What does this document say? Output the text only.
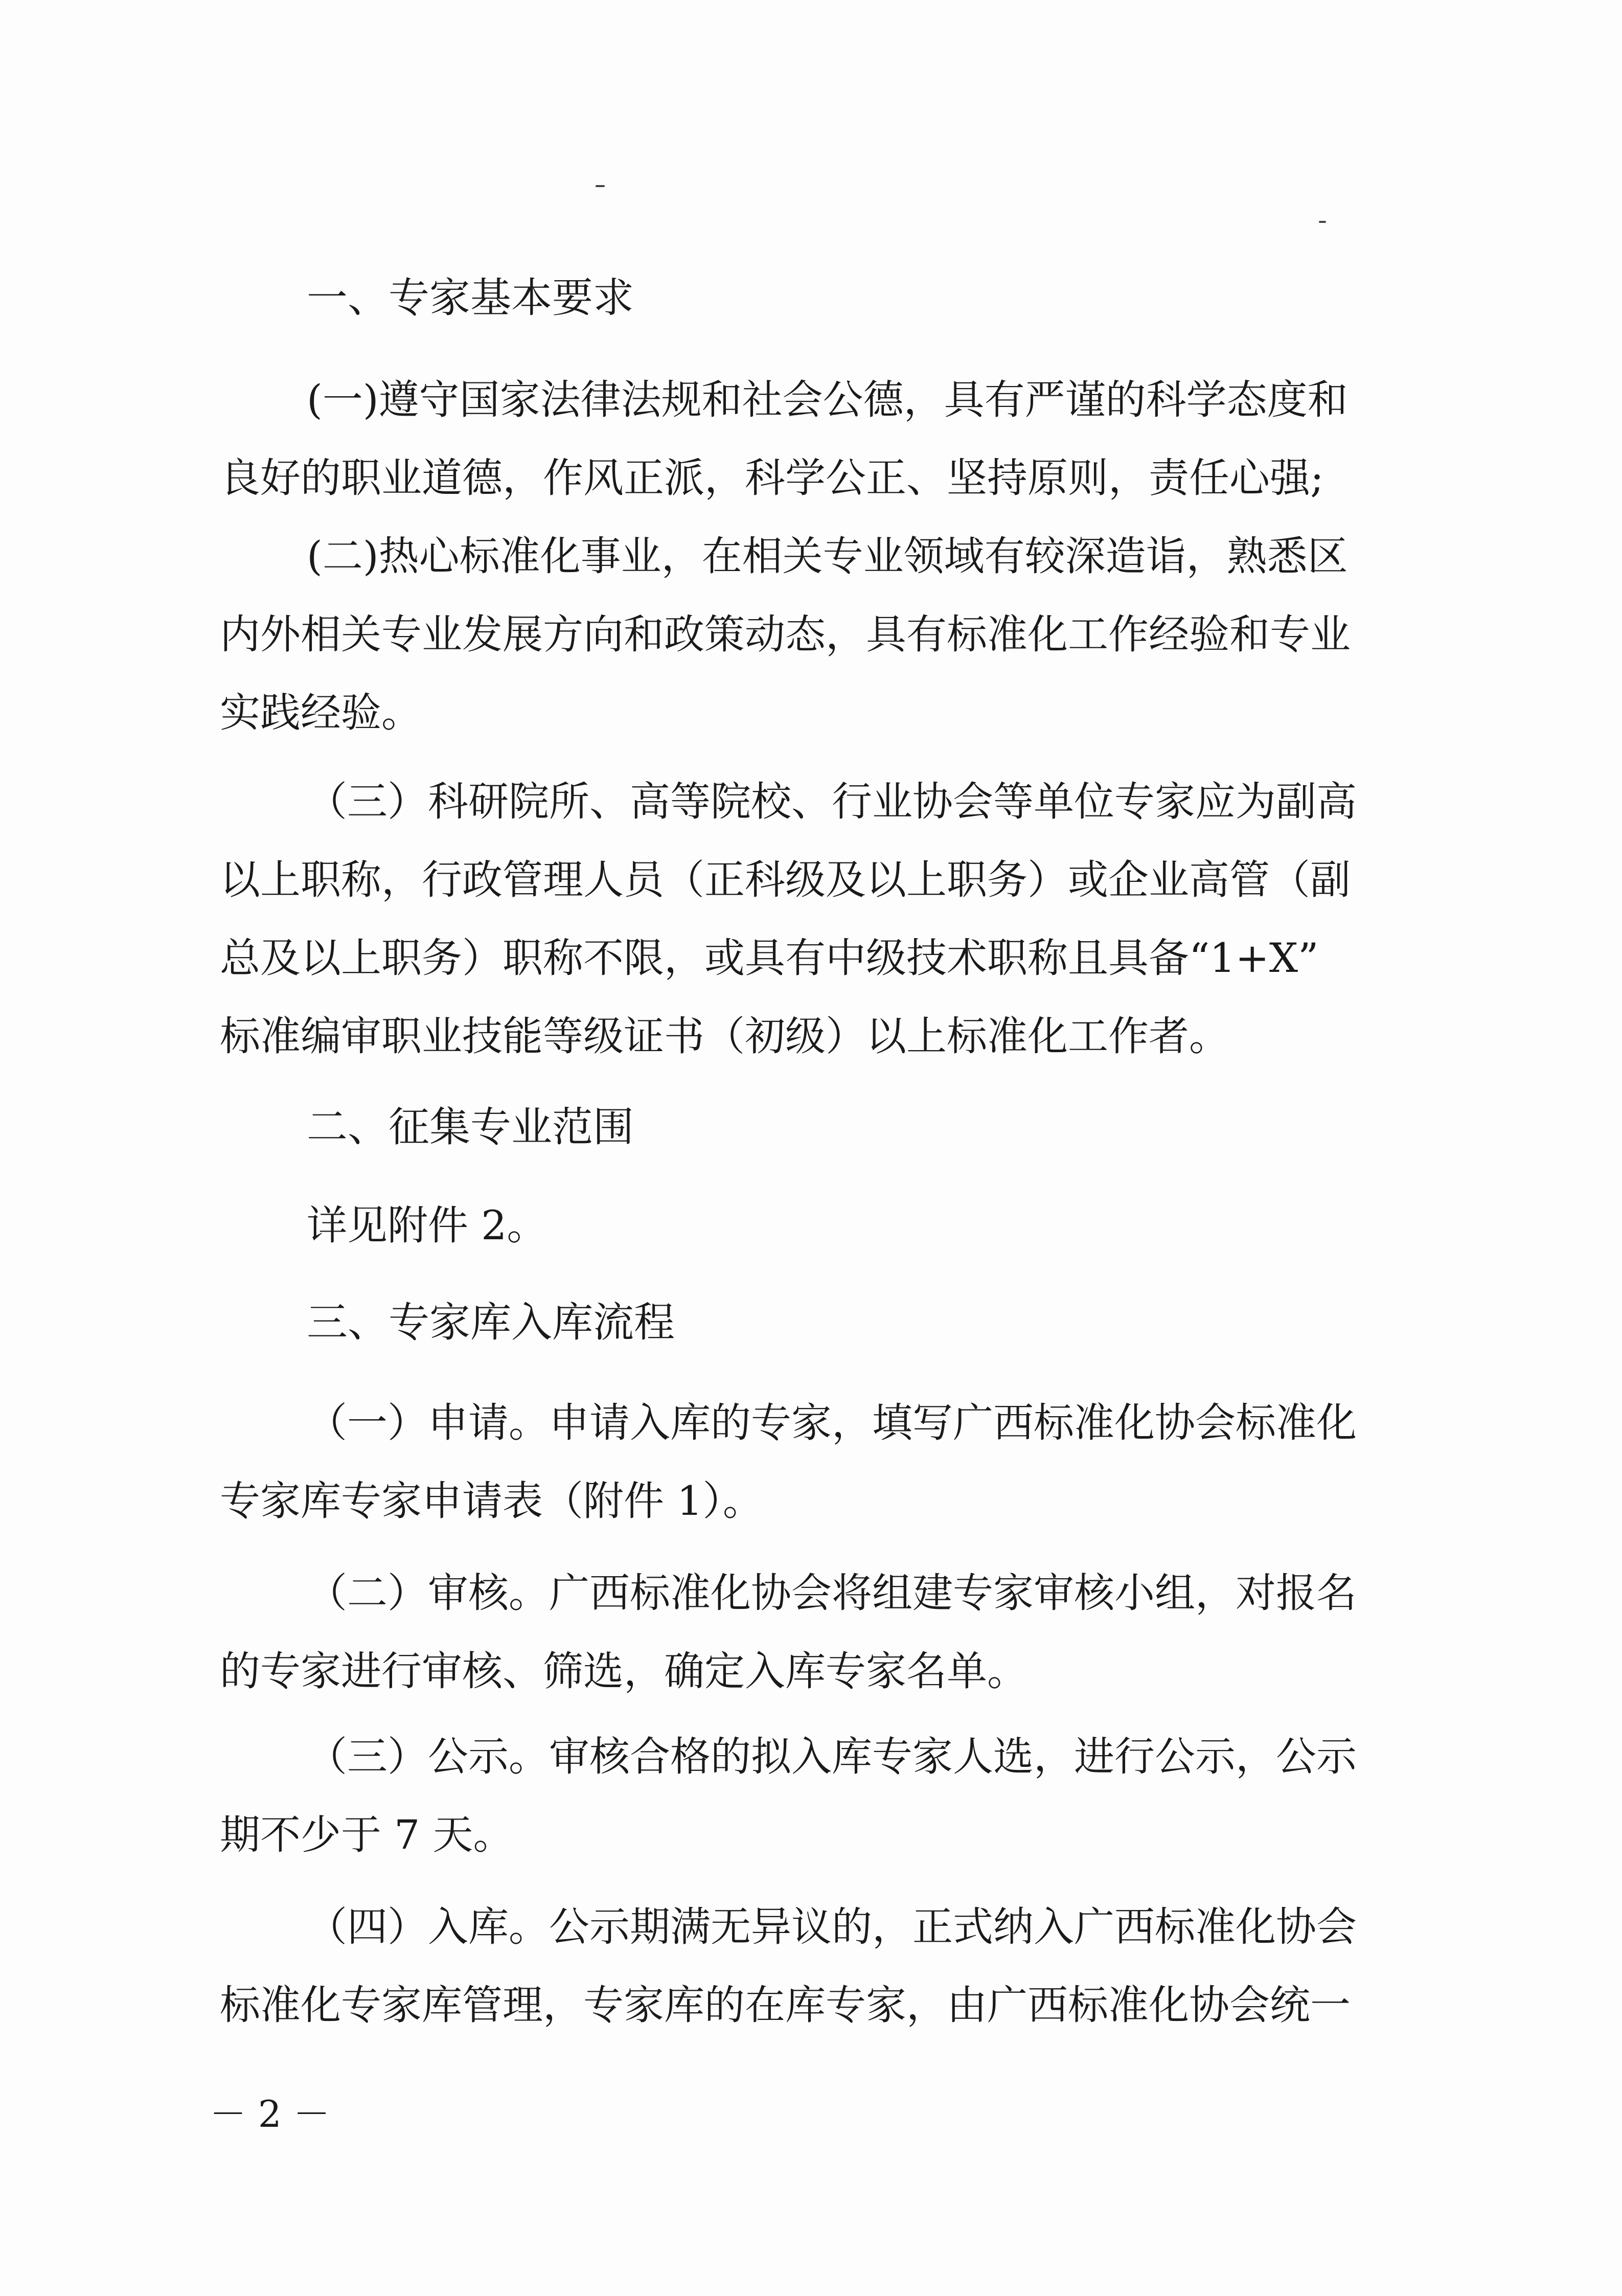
一、专家基本要求
(一)遵守国家法律法规和社会公德，具有严谨的科学态度和
良好的职业道德，作风正派，科学公正、坚持原则，责任心强;
(二)热心标准化事业，在相关专业领域有较深造诣，熟悉区
内外相关专业发展方向和政策动态，具有标准化工作经验和专业
实践经验。
（三）科研院所、高等院校、行业协会等单位专家应为副高
以上职称，行政管理人员（正科级及以上职务）或企业高管（副
总及以上职务）职称不限，或具有中级技术职称且具备“1+X”
标准编审职业技能等级证书（初级）以上标准化工作者。
二、征集专业范围
详见附件 2。
三、专家库入库流程
（一）申请。申请入库的专家，填写广西标准化协会标准化
专家库专家申请表（附件 1）。
（二）审核。广西标准化协会将组建专家审核小组，对报名
的专家进行审核、筛选，确定入库专家名单。
（三）公示。审核合格的拟入库专家人选，进行公示，公示
期不少于 7 天。
（四）入库。公示期满无异议的，正式纳入广西标准化协会
标准化专家库管理，专家库的在库专家，由广西标准化协会统一
－ 2 －
